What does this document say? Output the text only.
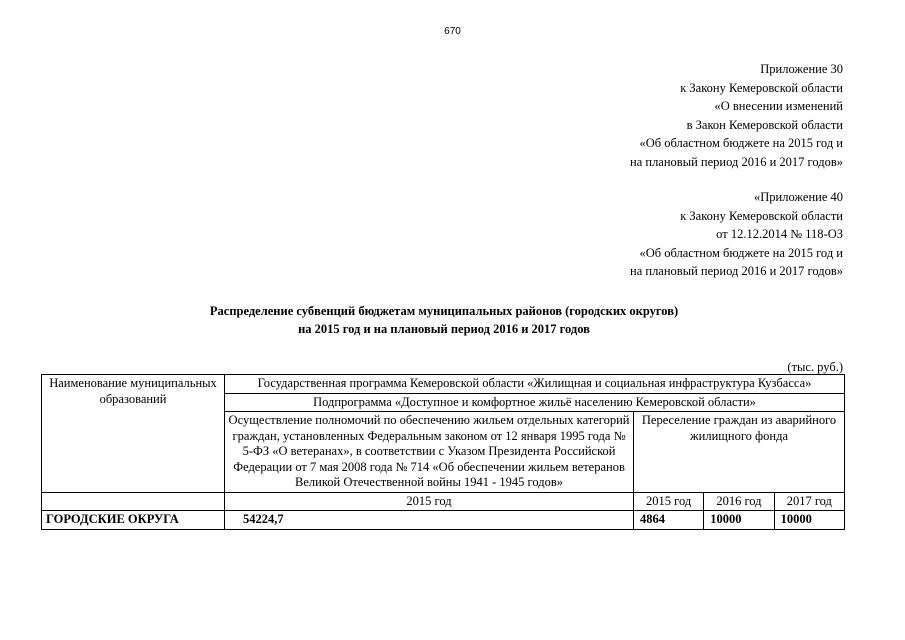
670
Приложение 30
к Закону Кемеровской области
«О внесении изменений
в Закон Кемеровской области
«Об областном бюджете на 2015 год и
на плановый период 2016 и 2017 годов»
«Приложение 40
к Закону Кемеровской области
от 12.12.2014 № 118-ОЗ
«Об областном бюджете на 2015 год и
на плановый период 2016 и 2017 годов»
Распределение субвенций бюджетам муниципальных районов (городских округов)
на 2015 год и на плановый период 2016 и 2017 годов
(тыс. руб.)
Наименование муниципальных образований	Государственная программа Кемеровской области «Жилищная и социальная инфраструктура Кузбасса»			
	Подпрограмма «Доступное и комфортное жильё населению Кемеровской области»			
	Осуществление полномочий по обеспечению жильем отдельных категорий граждан, установленных Федеральным законом от 12 января 1995 года № 5-ФЗ «О ветеранах», в соответствии с Указом Президента Российской Федерации от 7 мая 2008 года № 714 «Об обеспечении жильем ветеранов Великой Отечественной войны 1941 - 1945 годов»	Переселение граждан из аварийного жилищного фонда		
	2015 год	2015 год	2016 год	2017 год
ГОРОДСКИЕ ОКРУГА	54224,7	4864	10000	10000
